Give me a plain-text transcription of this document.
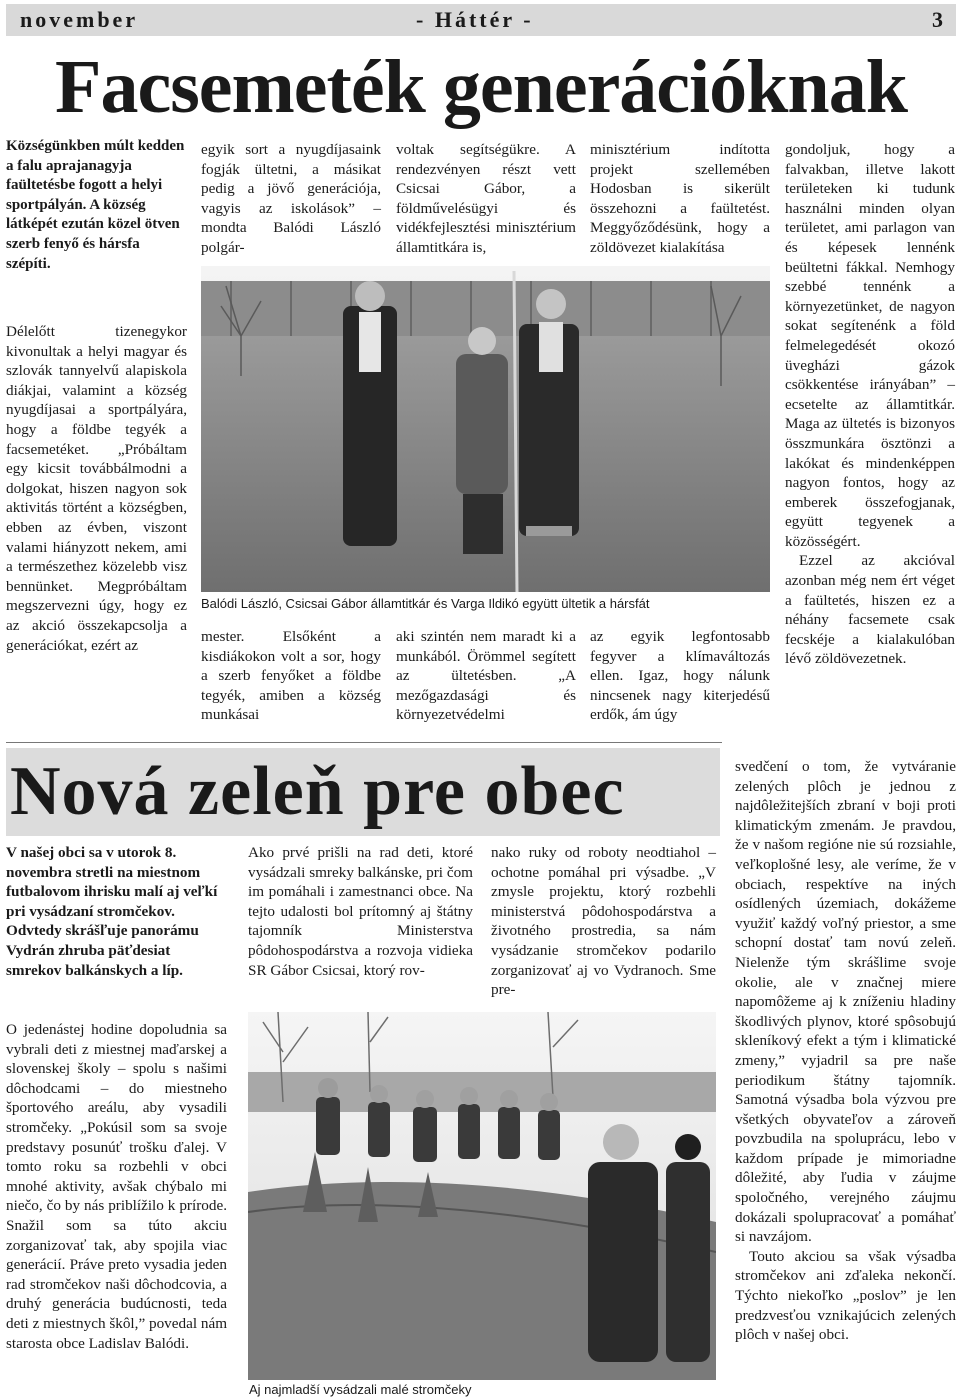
november	- Háttér -	3
Facsemeték generációknak
Községünkben múlt kedden a falu aprajanagyja faültetésbe fogott a helyi sportpályán. A község látképét ezután közel ötven szerb fenyő és hársfa szépíti.
Délelőtt tizenegykor kivonultak a helyi magyar és szlovák tannyelvű alapiskola diákjai, valamint a község nyugdíjasai a sportpályára, hogy a földbe tegyék a facsemetéket. „Próbáltam egy kicsit továbbálmodni a dolgokat, hiszen nagyon sok aktivitás történt a községben, ebben az évben, viszont valami hiányzott nekem, ami a természethez közelebb visz bennünket. Megpróbáltam megszervezni úgy, hogy ez az akció összekapcsolja a generációkat, ezért az
egyik sort a nyugdíjasaink fogják ültetni, a másikat pedig a jövő generációja, vagyis az iskolások” – mondta Balódi László polgár-
voltak segítségükre. A rendezvényen részt vett Csicsai Gábor, a földművelésügyi és vidékfejlesztési minisztérium államtitkára is,
minisztérium indította projekt szellemében Hodosban is sikerült összehozni a faültetést. Meggyőződésünk, hogy a zöldövezet kialakítása

gondoljuk, hogy a falvakban, illetve lakott területeken ki tudunk használni minden olyan területet, ami parlagon van és képesek lennénk beültetni fákkal. Nemhogy szebbé tennénk a környezetünket, de nagyon sokat segítenénk a föld felmelegedését okozó üvegházi gázok csökkentése irányában” – ecsetelte az államtitkár. Maga az ültetés is bizonyos összmunkára ösztönzi a lakókat és mindenképpen nagyon fontos, hogy az emberek összefogjanak, együtt tegyenek a közösségért.

Ezzel az akcióval azonban még nem ért véget a faültetés, hiszen ez a néhány facsemete csak fecskéje a kialakulóban lévő zöldövezetnek.

Balódi László, Csicsai Gábor államtitkár és Varga Ildikó együtt ültetik a hársfát
mester. Elsőként a kisdiákokon volt a sor, hogy a szerb fenyőket a földbe tegyék, amiben a község munkásai
aki szintén nem maradt ki a munkából. Örömmel segített az ültetésben. „A mezőgazdasági és környezetvédelmi
az egyik legfontosabb fegyver a klímaváltozás ellen. Igaz, hogy nálunk nincsenek nagy kiterjedésű erdők, ám úgy
Nová zeleň pre obec
V našej obci sa v utorok 8. novembra stretli na miestnom futbalovom ihrisku malí aj veľkí pri vysádzaní stromčekov. Odvtedy skrášľuje panorámu Vydrán zhruba päťdesiat smrekov balkánskych a líp.
O jedenástej hodine dopoludnia sa vybrali deti z miestnej maďarskej a slovenskej školy – spolu s našimi dôchodcami – do miestneho športového areálu, aby vysadili stromčeky. „Pokúsil som sa svoje predstavy posunúť trošku ďalej. V tomto roku sa rozbehli v obci mnohé aktivity, avšak chýbalo mi niečo, čo by nás priblížilo k prírode. Snažil som sa túto akciu zorganizovať tak, aby spojila viac generácií. Práve preto vysadia jeden rad stromčekov naši dôchodcovia, a druhý generácia budúcnosti, teda deti z miestnych škôl,” povedal nám starosta obce Ladislav Balódi.
Ako prvé prišli na rad deti, ktoré vysádzali smreky balkánske, pri čom im pomáhali i zamestnanci obce. Na tejto udalosti bol prítomný aj štátny tajomník Ministerstva pôdohospodárstva a rozvoja vidieka SR Gábor Csicsai, ktorý rov-
nako ruky od roboty neodtiahol – ochotne pomáhal pri výsadbe. „V zmysle projektu, ktorý rozbehli ministerstvá pôdohospodárstva a životného prostredia, sa nám vysádzanie stromčekov podarilo zorganizovať aj vo Vydranoch. Sme pre-

svedčení o tom, že vytváranie zelených plôch je jednou z najdôležitejších zbraní v boji proti klimatickým zmenám. Je pravdou, že v našom regióne nie sú rozsiahle, veľkoplošné lesy, ale veríme, že v obciach, respektíve na iných osídlených územiach, dokážeme využiť každý voľný priestor, a sme schopní dostať tam novú zeleň. Nielenže tým skrášlime svoje okolie, ale v značnej miere napomôžeme aj k zníženiu hladiny škodlivých plynov, ktoré spôsobujú skleníkový efekt a tým i klimatické zmeny,” vyjadril sa pre naše periodikum štátny tajomník. Samotná výsadba bola výzvou pre všetkých obyvateľov a zároveň povzbudila na spoluprácu, lebo v každom prípade je mimoriadne dôležité, aby ľudia v záujme spoločného, verejného záujmu dokázali spolupracovať a pomáhať si navzájom.

Touto akciou sa však výsadba stromčekov ani zďaleka nekončí. Týchto niekoľko „poslov” je len predzvesťou vznikajúcich zelených plôch v našej obci.

Aj najmladší vysádzali malé stromčeky
